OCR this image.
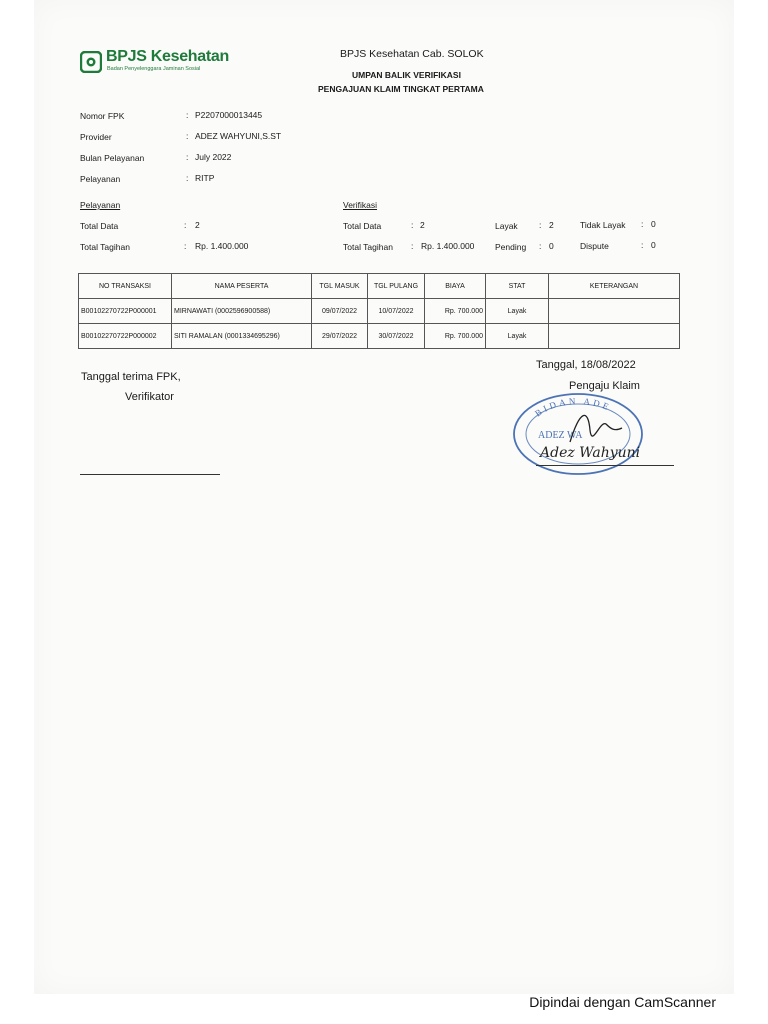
BPJS Kesehatan
Badan Penyelenggara Jaminan Sosial
BPJS Kesehatan Cab. SOLOK
UMPAN BALIK VERIFIKASI
PENGAJUAN KLAIM TINGKAT PERTAMA
Nomor FPK	: P2207000013445
Provider	: ADEZ WAHYUNI,S.ST
Bulan Pelayanan	: July 2022
Pelayanan	: RITP
Pelayanan
Total Data	: 2
Total Tagihan	: Rp. 1.400.000
Verifikasi
Total Data	: 2
Total Tagihan : Rp. 1.400.000
Layak	: 2
Pending : 0
Tidak Layak : 0
Dispute	: 0
NO TRANSAKSI	NAMA PESERTA	TGL MASUK	TGL PULANG	BIAYA	STAT	KETERANGAN
B00102270722P000001	MIRNAWATI (0002596900588)	09/07/2022	10/07/2022	Rp. 700.000	Layak	
B00102270722P000002	SITI RAMALAN (0001334695296)	29/07/2022	30/07/2022	Rp. 700.000	Layak	
Tanggal terima FPK,
Verifikator
Tanggal, 18/08/2022
Pengaju Klaim
BIDAN ADE
ADEZ WA
Adez Wahyuni
Dipindai dengan CamScanner
